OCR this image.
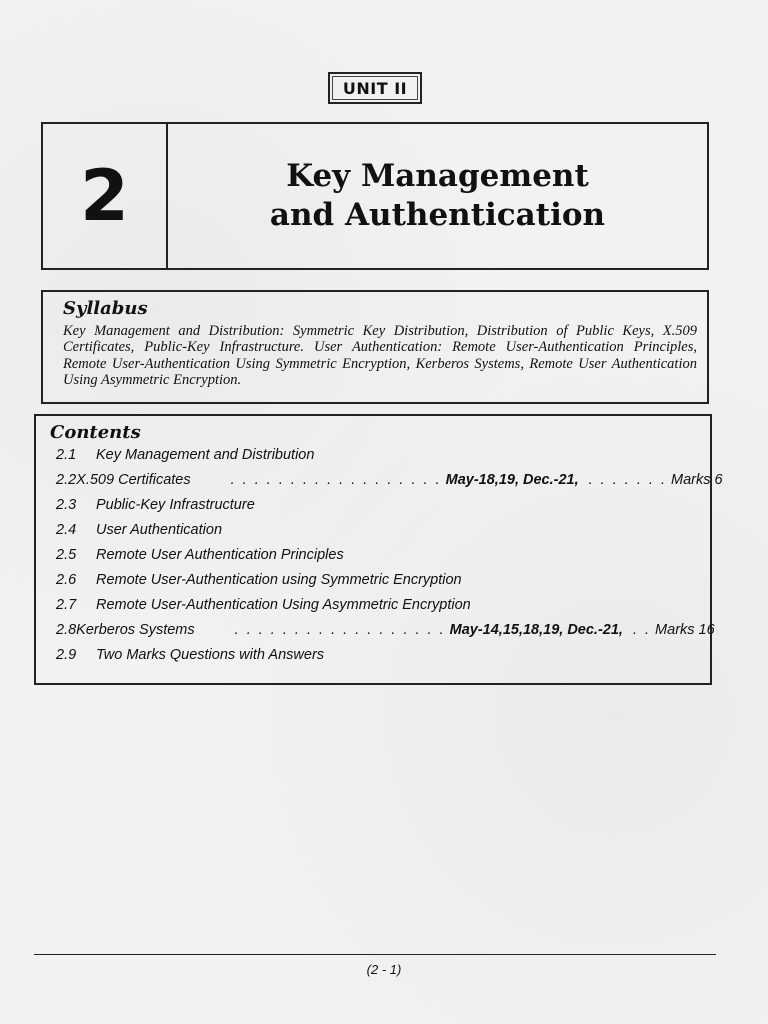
UNIT II
2	Key Management
and Authentication
Syllabus
Key Management and Distribution: Symmetric Key Distribution, Distribution of Public Keys, X.509 Certificates, Public-Key Infrastructure. User Authentication: Remote User-Authentication Principles, Remote User-Authentication Using Symmetric Encryption, Kerberos Systems, Remote User Authentication Using Asymmetric Encryption.
Contents
2.1	Key Management and Distribution
2.2 X.509 Certificates	. . . . . . . . . . . . . . . . . . May-18,19, Dec.-21, . . . . . . . Marks 6
2.3	Public-Key Infrastructure
2.4	User Authentication
2.5	Remote User Authentication Principles
2.6	Remote User-Authentication using Symmetric Encryption
2.7	Remote User-Authentication Using Asymmetric Encryption
2.8 Kerberos Systems	. . . . . . . . . . . . . . . . . . May-14,15,18,19, Dec.-21, . . Marks 16
2.9	Two Marks Questions with Answers
(2 - 1)
